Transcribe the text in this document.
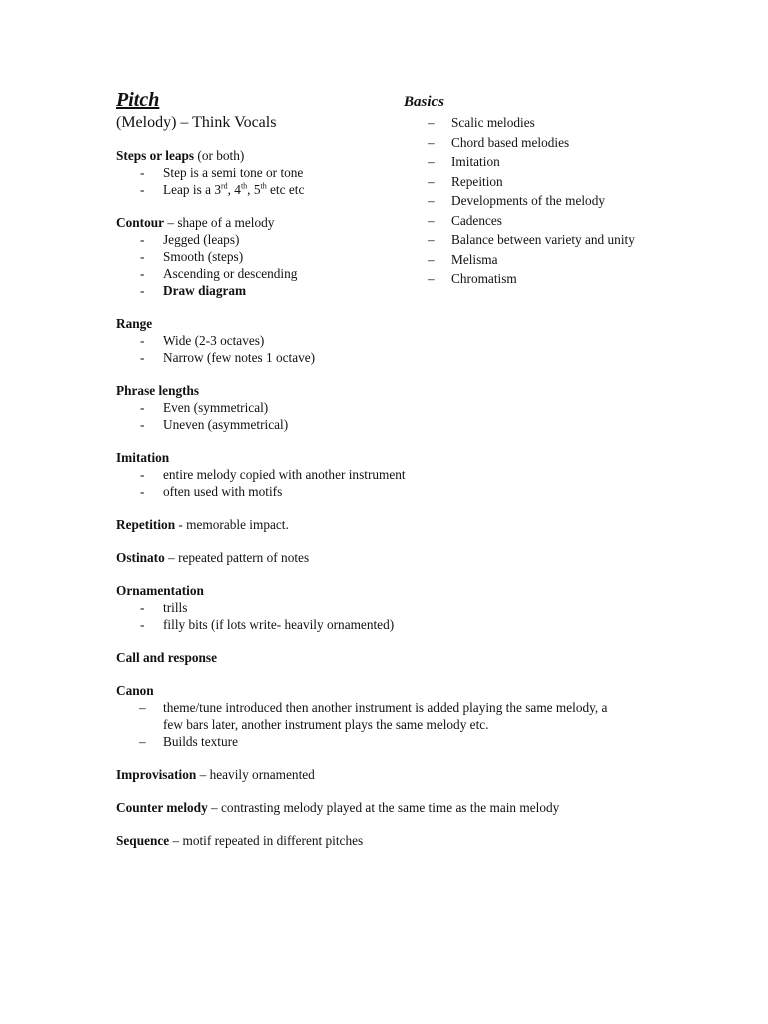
Pitch
(Melody) – Think Vocals
Steps or leaps (or both)
- Step is a semi tone or tone
- Leap is a 3rd, 4th, 5th etc etc
Contour – shape of a melody
- Jegged (leaps)
- Smooth (steps)
- Ascending or descending
- Draw diagram
Range
- Wide (2-3 octaves)
- Narrow (few notes 1 octave)
Phrase lengths
- Even (symmetrical)
- Uneven (asymmetrical)
Imitation
- entire melody copied with another instrument
- often used with motifs
Repetition - memorable impact.
Ostinato – repeated pattern of notes
Ornamentation
- trills
- filly bits (if lots write- heavily ornamented)
Call and response
Canon
– theme/tune introduced then another instrument is added playing the same melody, a few bars later, another instrument plays the same melody etc.
– Builds texture
Improvisation – heavily ornamented
Counter melody – contrasting melody played at the same time as the main melody
Sequence – motif repeated in different pitches
Basics
– Scalic melodies
– Chord based melodies
– Imitation
– Repeition
– Developments of the melody
– Cadences
– Balance between variety and unity
– Melisma
– Chromatism
